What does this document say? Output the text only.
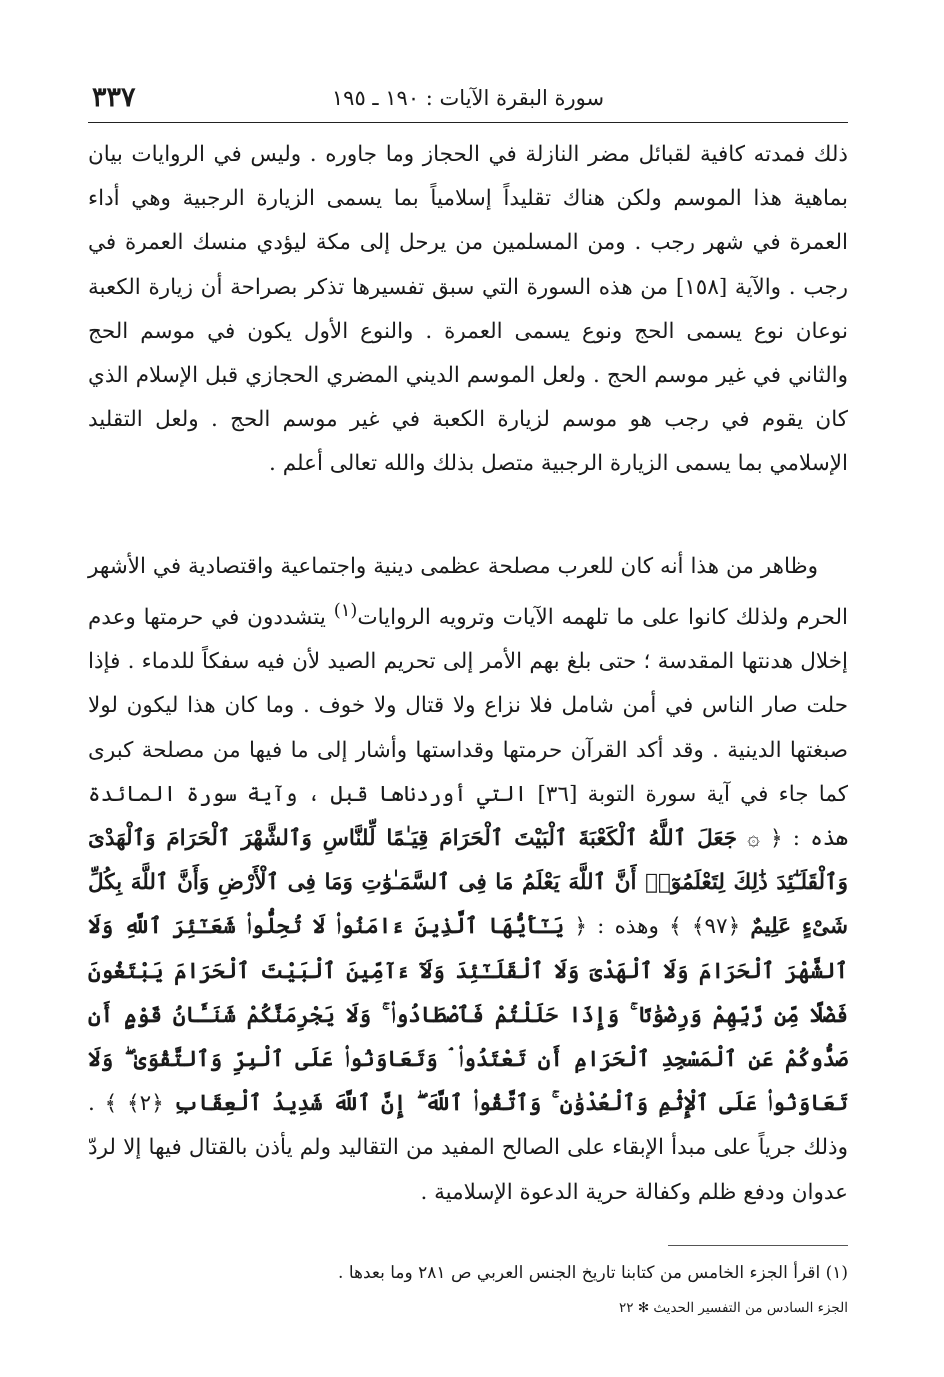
سورة البقرة الآيات : ١٩٠ ـ ١٩٥
٣٣٧

ذلك فمدته كافية لقبائل مضر النازلة في الحجاز وما جاوره . وليس في الروايات بيان بماهية هذا الموسم ولكن هناك تقليداً إسلامياً بما يسمى الزيارة الرجبية وهي أداء العمرة في شهر رجب . ومن المسلمين من يرحل إلى مكة ليؤدي منسك العمرة في رجب . والآية [١٥٨] من هذه السورة التي سبق تفسيرها تذكر بصراحة أن زيارة الكعبة نوعان نوع يسمى الحج ونوع يسمى العمرة . والنوع الأول يكون في موسم الحج والثاني في غير موسم الحج . ولعل الموسم الديني المضري الحجازي قبل الإسلام الذي كان يقوم في رجب هو موسم لزيارة الكعبة في غير موسم الحج . ولعل التقليد الإسلامي بما يسمى الزيارة الرجبية متصل بذلك والله تعالى أعلم .

وظاهر من هذا أنه كان للعرب مصلحة عظمى دينية واجتماعية واقتصادية في الأشهر الحرم ولذلك كانوا على ما تلهمه الآيات وترويه الروايات$^{(١)}$ يتشددون في حرمتها وعدم إخلال هدنتها المقدسة ؛ حتى بلغ بهم الأمر إلى تحريم الصيد لأن فيه سفكاً للدماء . فإذا حلت صار الناس في أمن شامل فلا نزاع ولا قتال ولا خوف . وما كان هذا ليكون لولا صبغتها الدينية . وقد أكد القرآن حرمتها وقداستها وأشار إلى ما فيها من مصلحة كبرى كما جاء في آية سورة التوبة [٣٦] التي أوردناها قبل ، وآية سورة المائدة هذه : ﴿ ۞ جَعَلَ ٱللَّهُ ٱلْكَعْبَةَ ٱلْبَيْتَ ٱلْحَرَامَ قِيَـٰمًا لِّلنَّاسِ وَٱلشَّهْرَ ٱلْحَرَامَ وَٱلْهَدْىَ وَٱلْقَلَـٰٓئِدَ ذَٰلِكَ لِتَعْلَمُوٓا۟ أَنَّ ٱللَّهَ يَعْلَمُ مَا فِى ٱلسَّمَـٰوَٰتِ وَمَا فِى ٱلْأَرْضِ وَأَنَّ ٱللَّهَ بِكُلِّ شَىْءٍ عَلِيمٌ ﴿٩٧﴾ ﴾ وهذه : ﴿ يَـٰٓأَيُّهَا ٱلَّذِينَ ءَامَنُوا۟ لَا تُحِلُّوا۟ شَعَـٰٓئِرَ ٱللَّهِ وَلَا ٱلشَّهْرَ ٱلْحَرَامَ وَلَا ٱلْهَدْىَ وَلَا ٱلْقَلَـٰٓئِدَ وَلَآ ءَآمِّينَ ٱلْبَيْتَ ٱلْحَرَامَ يَبْتَغُونَ فَضْلًا مِّن رَّبِّهِمْ وَرِضْوَٰنًا ۚ وَإِذَا حَلَلْتُمْ فَٱصْطَادُوا۟ ۚ وَلَا يَجْرِمَنَّكُمْ شَنَـَٔانُ قَوْمٍ أَن صَدُّوكُمْ عَنِ ٱلْمَسْجِدِ ٱلْحَرَامِ أَن تَعْتَدُوا۟ ۘ وَتَعَاوَنُوا۟ عَلَى ٱلْبِرِّ وَٱلتَّقْوَىٰ ۖ وَلَا تَعَاوَنُوا۟ عَلَى ٱلْإِثْمِ وَٱلْعُدْوَٰنِ ۚ وَٱتَّقُوا۟ ٱللَّهَ ۖ إِنَّ ٱللَّهَ شَدِيدُ ٱلْعِقَابِ ﴿٢﴾ ﴾ . وذلك جرياً على مبدأ الإبقاء على الصالح المفيد من التقاليد ولم يأذن بالقتال فيها إلا لردّ عدوان ودفع ظلم وكفالة حرية الدعوة الإسلامية .

(١) اقرأ الجزء الخامس من كتابنا تاريخ الجنس العربي ص ٢٨١ وما بعدها .

الجزء السادس من التفسير الحديث ✻ ٢٢
